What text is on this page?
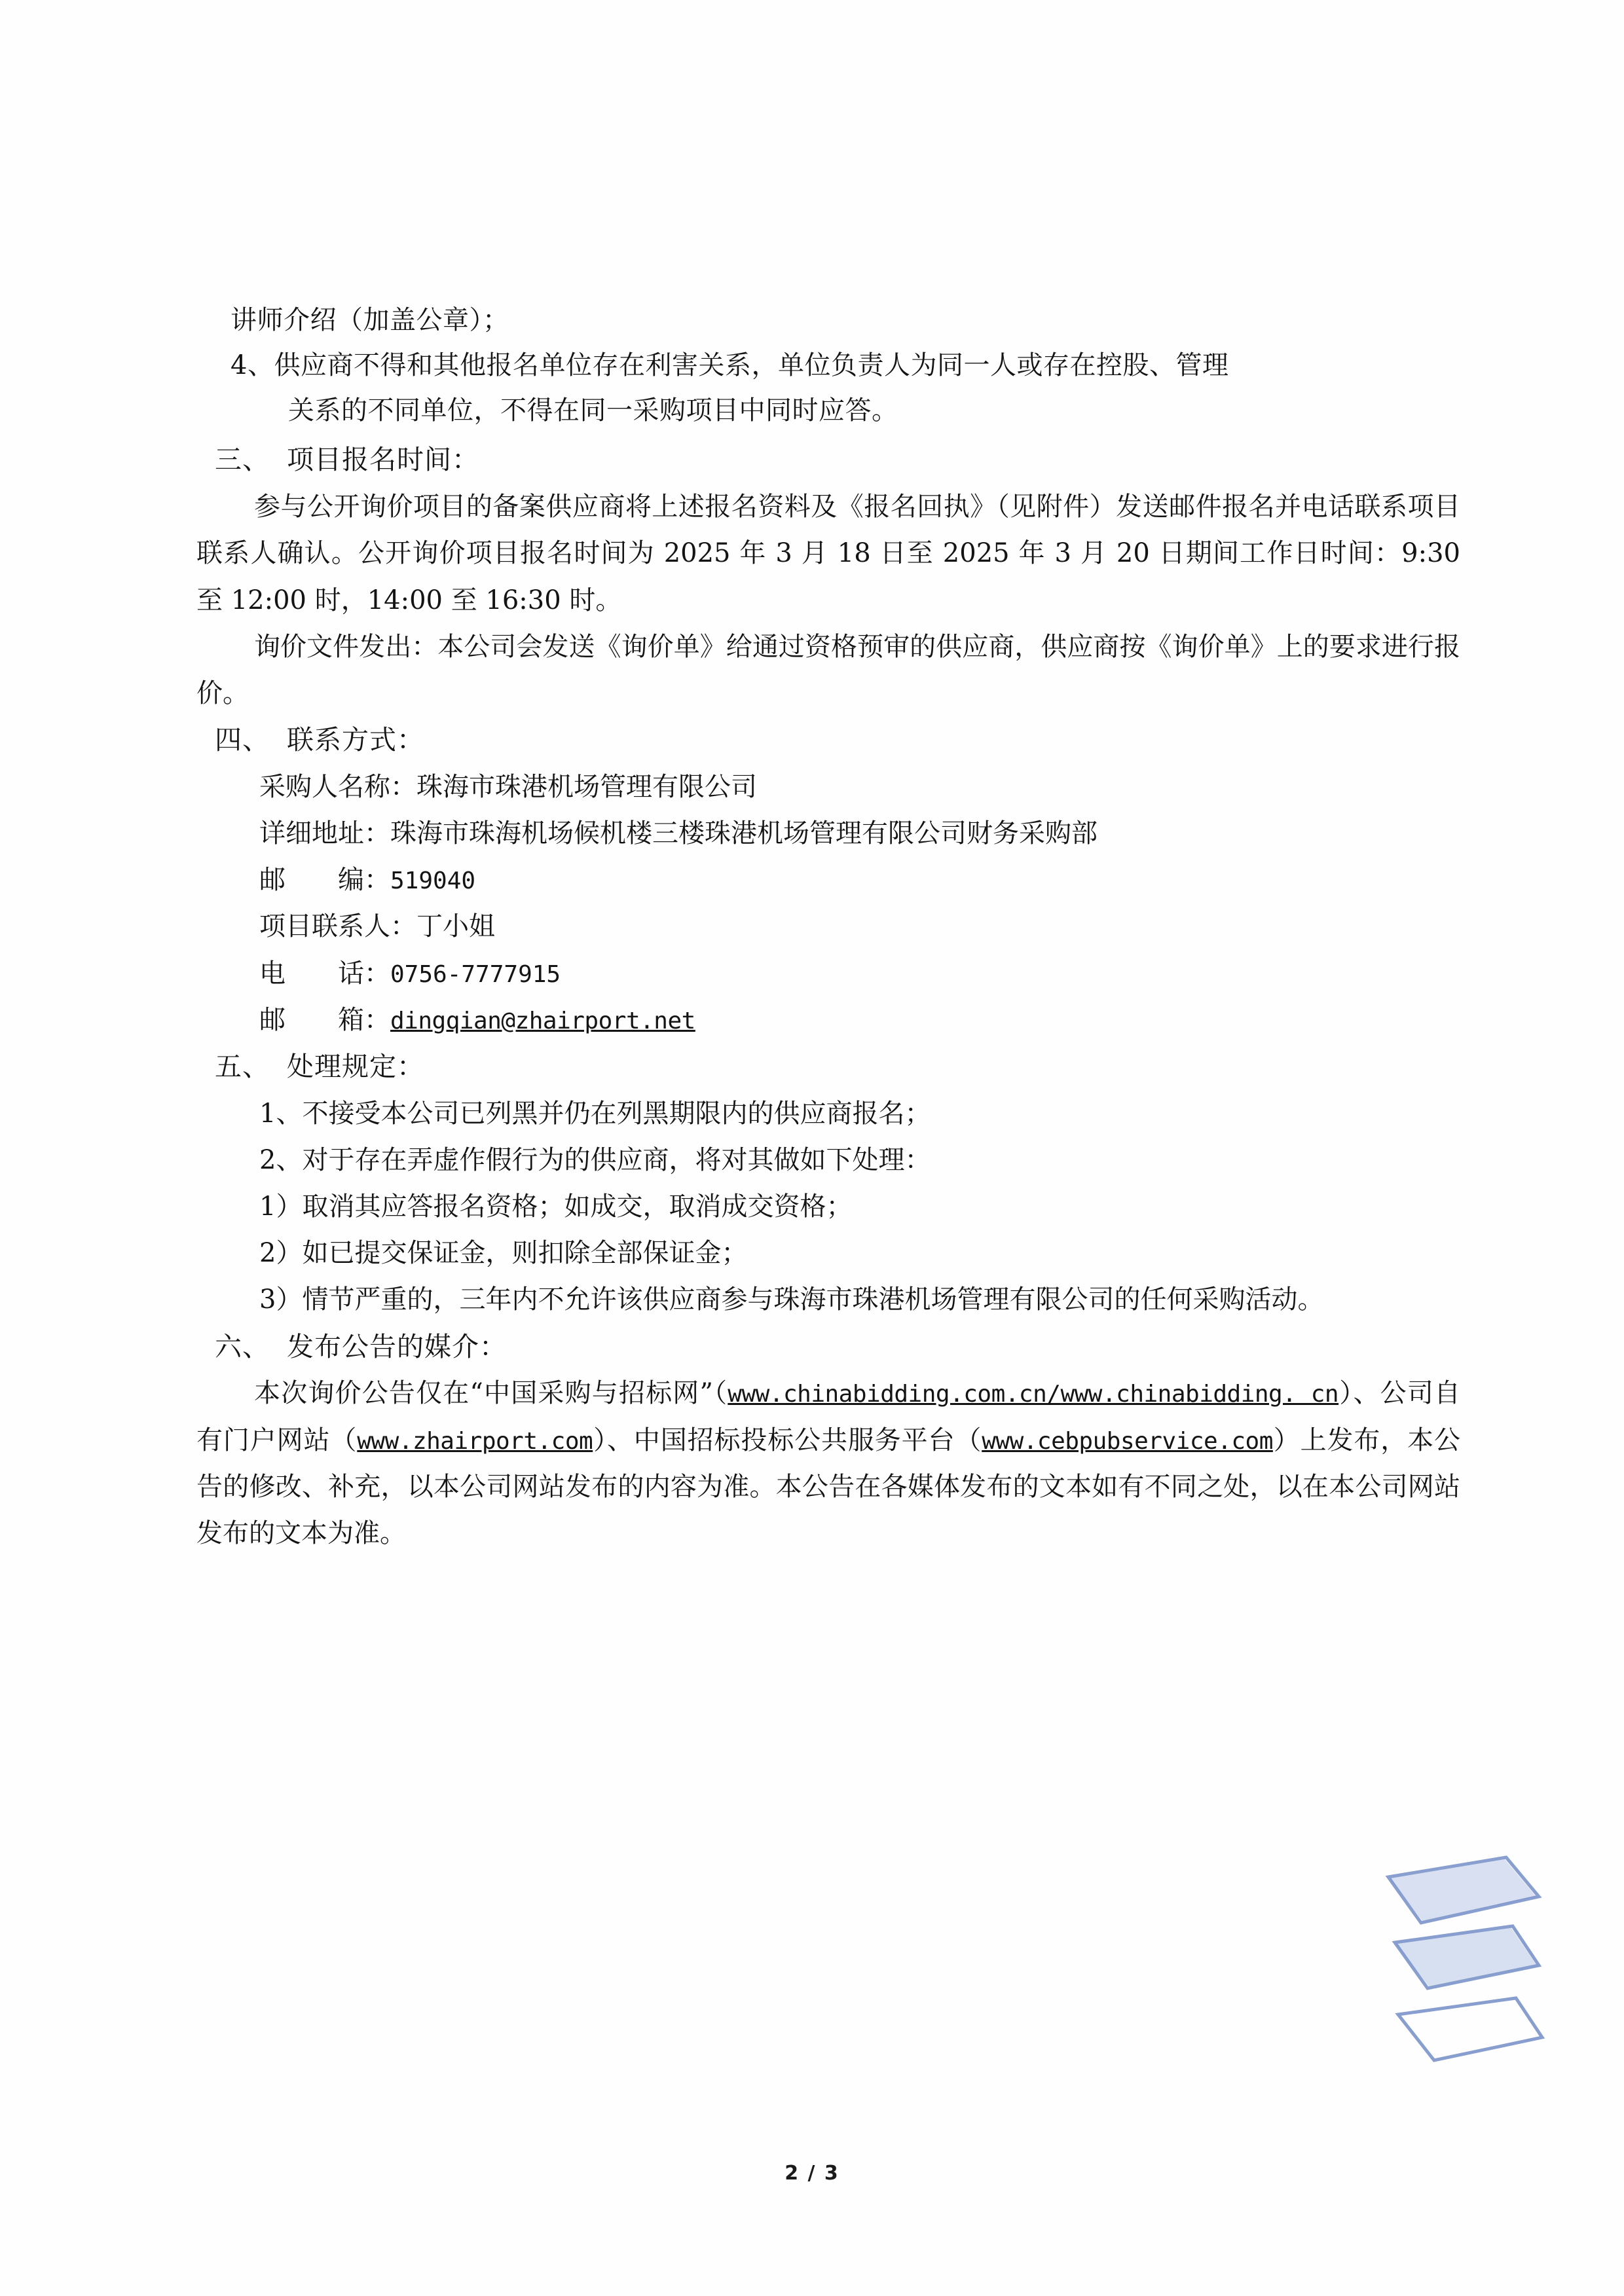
讲师介绍（加盖公章）；
4、供应商不得和其他报名单位存在利害关系，单位负责人为同一人或存在控股、管理
关系的不同单位，不得在同一采购项目中同时应答。
三、 项目报名时间：
参与公开询价项目的备案供应商将上述报名资料及《报名回执》（见附件）发送邮件报名并电话联系项目联系人确认。公开询价项目报名时间为 2025 年 3 月 18 日至 2025 年 3 月 20 日期间工作日时间：9:30 至 12:00 时，14:00 至 16:30 时。
询价文件发出：本公司会发送《询价单》给通过资格预审的供应商，供应商按《询价单》上的要求进行报价。
四、 联系方式：
采购人名称：珠海市珠港机场管理有限公司
详细地址：珠海市珠海机场候机楼三楼珠港机场管理有限公司财务采购部
邮　　编：519040
项目联系人：丁小姐
电　　话：0756-7777915
邮　　箱：dingqian@zhairport.net
五、 处理规定：
1、不接受本公司已列黑并仍在列黑期限内的供应商报名；
2、对于存在弄虚作假行为的供应商，将对其做如下处理：
1）取消其应答报名资格；如成交，取消成交资格；
2）如已提交保证金，则扣除全部保证金；
3）情节严重的，三年内不允许该供应商参与珠海市珠港机场管理有限公司的任何采购活动。
六、 发布公告的媒介：
本次询价公告仅在“中国采购与招标网”（www.chinabidding.com.cn/www.chinabidding. cn）、公司自有门户网站（www.zhairport.com）、中国招标投标公共服务平台（www.cebpubservice.com）上发布，本公告的修改、补充，以本公司网站发布的内容为准。本公告在各媒体发布的文本如有不同之处，以在本公司网站发布的文本为准。
2 / 3
